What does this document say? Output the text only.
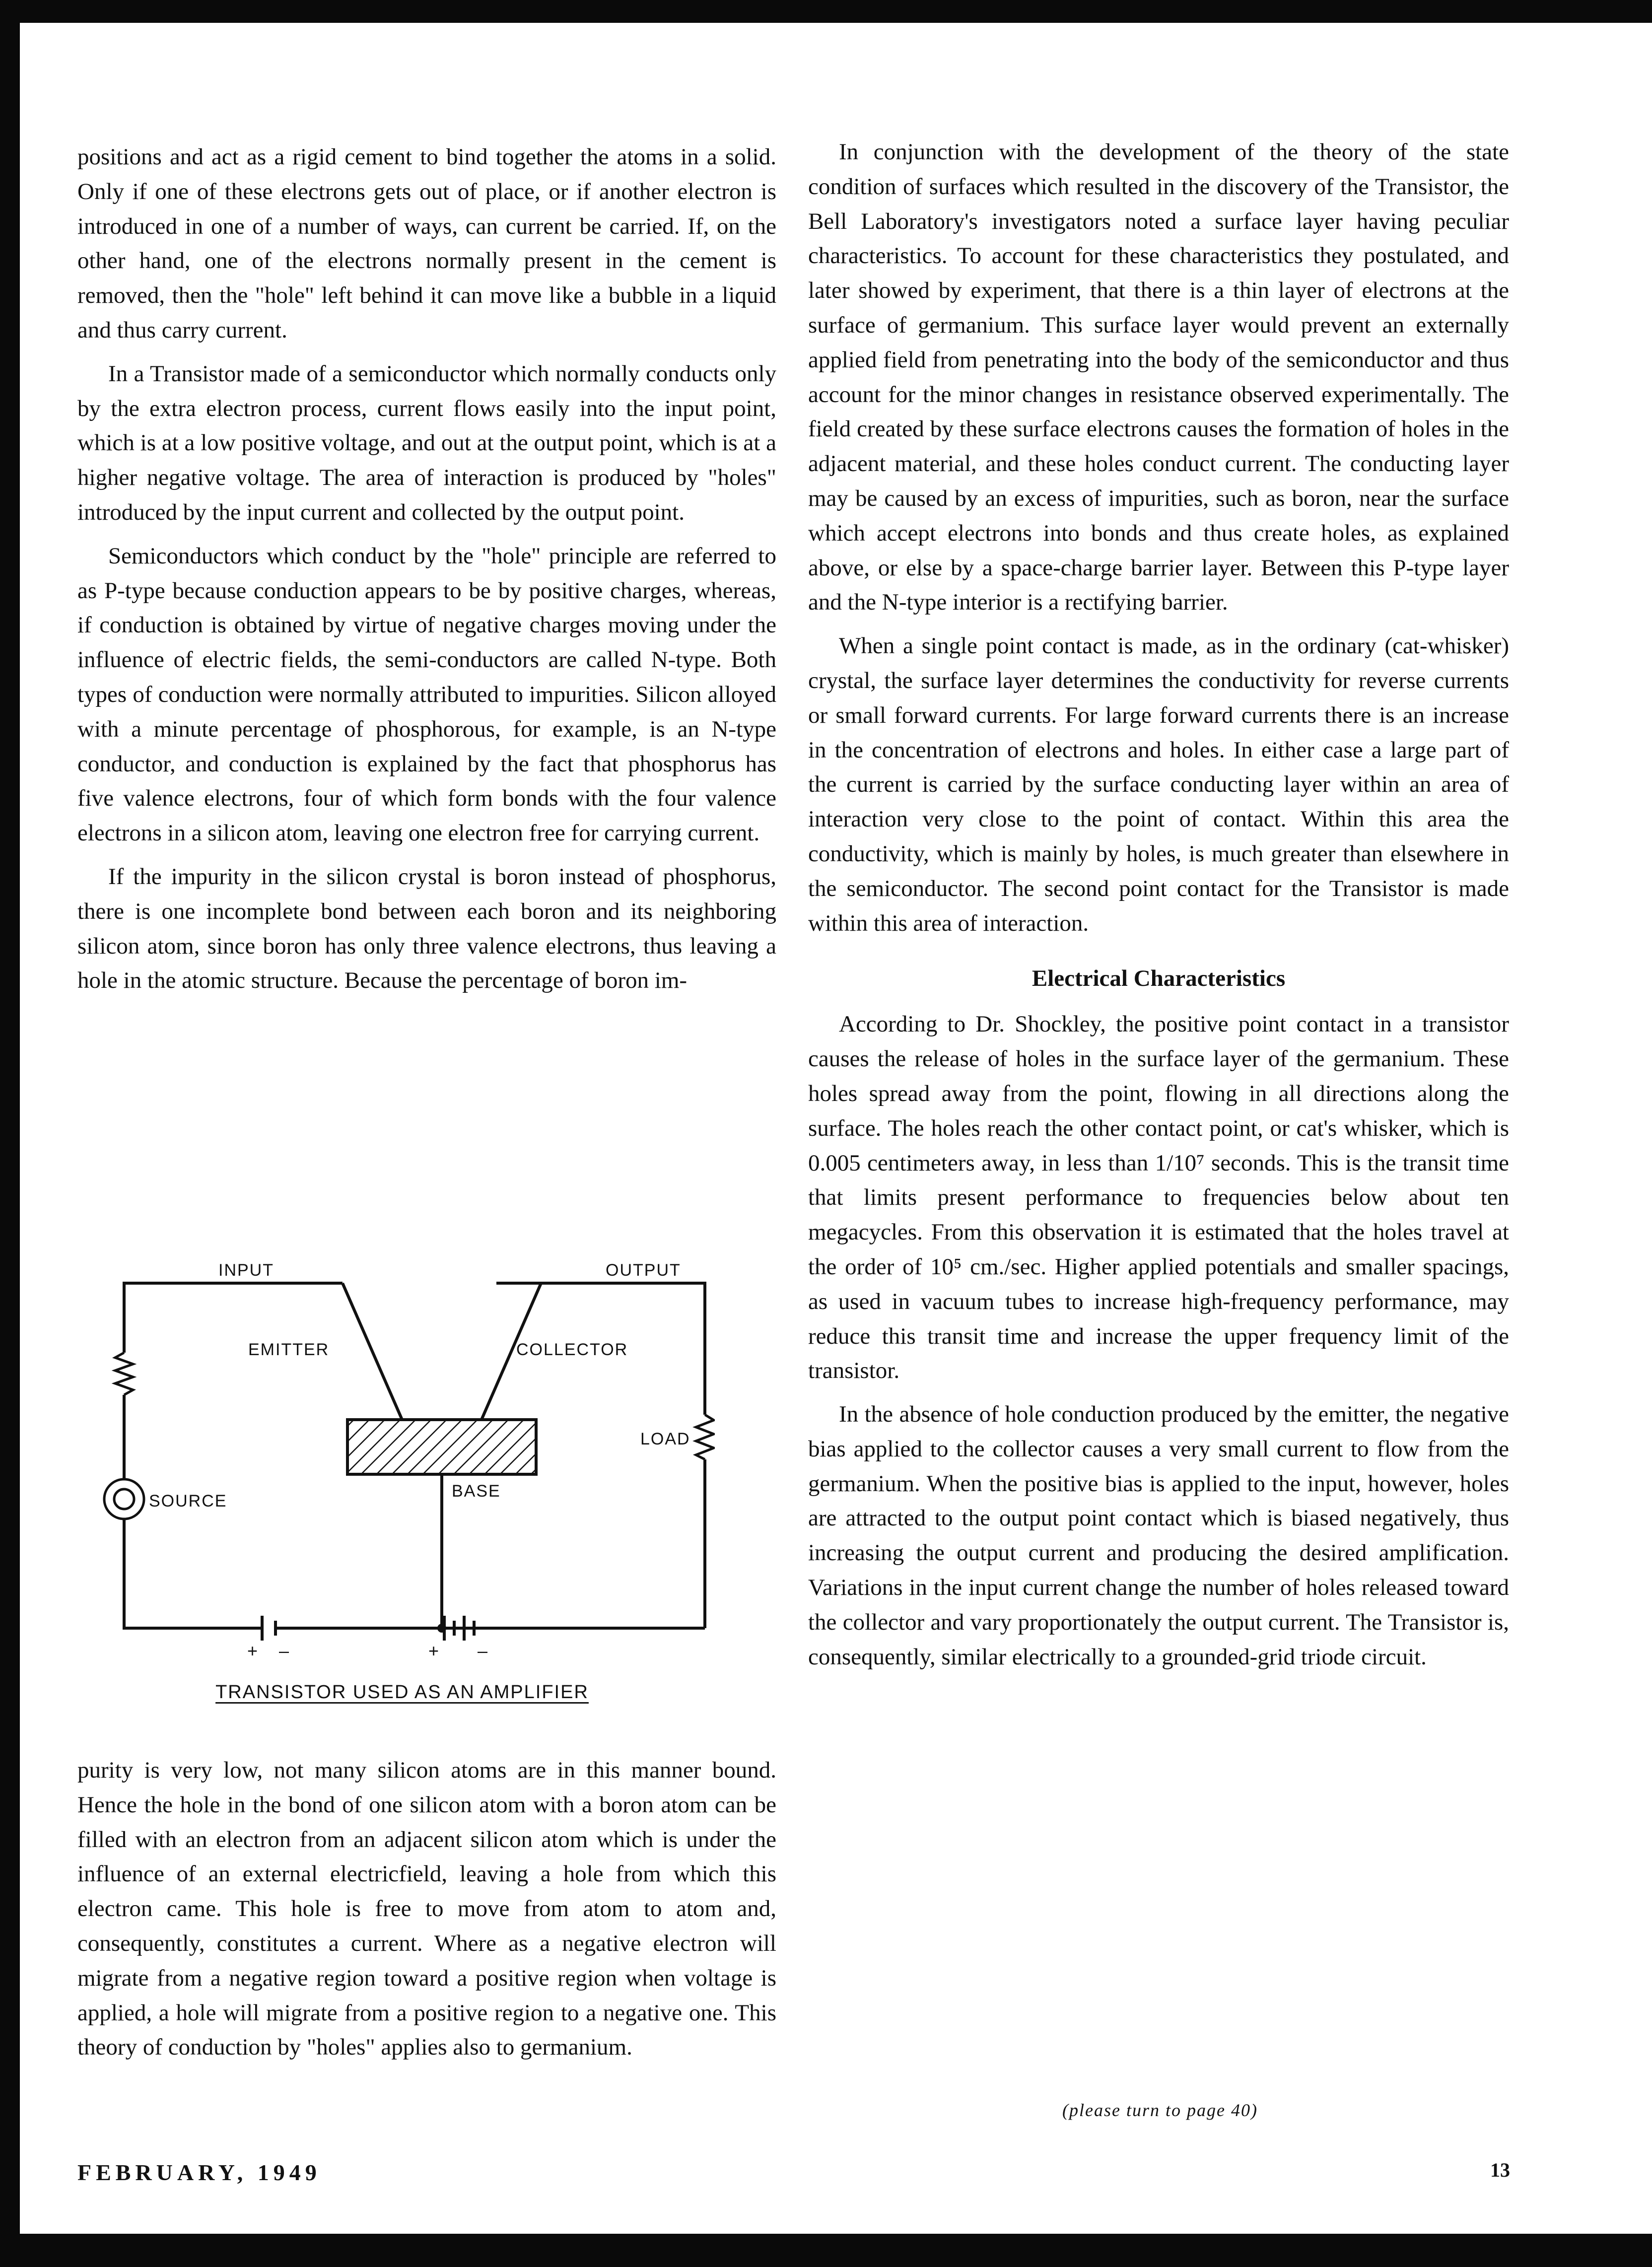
positions and act as a rigid cement to bind together the atoms in a solid. Only if one of these electrons gets out of place, or if another electron is introduced in one of a number of ways, can current be carried. If, on the other hand, one of the electrons normally present in the cement is removed, then the "hole" left behind it can move like a bubble in a liquid and thus carry current.

In a Transistor made of a semiconductor which normally conducts only by the extra electron process, current flows easily into the input point, which is at a low positive voltage, and out at the output point, which is at a higher negative voltage. The area of interaction is produced by "holes" introduced by the input current and collected by the output point.

Semiconductors which conduct by the "hole" principle are referred to as P-type because conduction appears to be by positive charges, whereas, if conduction is obtained by virtue of negative charges moving under the influence of electric fields, the semi-conductors are called N-type. Both types of conduction were normally attributed to impurities. Silicon alloyed with a minute percentage of phosphorous, for example, is an N-type conductor, and conduction is explained by the fact that phosphorus has five valence electrons, four of which form bonds with the four valence electrons in a silicon atom, leaving one electron free for carrying current.

If the impurity in the silicon crystal is boron instead of phosphorus, there is one incomplete bond between each boron and its neighboring silicon atom, since boron has only three valence electrons, thus leaving a hole in the atomic structure. Because the percentage of boron im-

INPUT	OUTPUT
EMITTER	COLLECTOR
LOAD
SOURCE
BASE
+ –	+ –
TRANSISTOR USED AS AN AMPLIFIER

purity is very low, not many silicon atoms are in this manner bound. Hence the hole in the bond of one silicon atom with a boron atom can be filled with an electron from an adjacent silicon atom which is under the influence of an external electricfield, leaving a hole from which this electron came. This hole is free to move from atom to atom and, consequently, constitutes a current. Where as a negative electron will migrate from a negative region toward a positive region when voltage is applied, a hole will migrate from a positive region to a negative one. This theory of conduction by "holes" applies also to germanium.

In conjunction with the development of the theory of the state condition of surfaces which resulted in the discovery of the Transistor, the Bell Laboratory's investigators noted a surface layer having peculiar characteristics. To account for these characteristics they postulated, and later showed by experiment, that there is a thin layer of electrons at the surface of germanium. This surface layer would prevent an externally applied field from penetrating into the body of the semiconductor and thus account for the minor changes in resistance observed experimentally. The field created by these surface electrons causes the formation of holes in the adjacent material, and these holes conduct current. The conducting layer may be caused by an excess of impurities, such as boron, near the surface which accept electrons into bonds and thus create holes, as explained above, or else by a space-charge barrier layer. Between this P-type layer and the N-type interior is a rectifying barrier.

When a single point contact is made, as in the ordinary (cat-whisker) crystal, the surface layer determines the conductivity for reverse currents or small forward currents. For large forward currents there is an increase in the concentration of electrons and holes. In either case a large part of the current is carried by the surface conducting layer within an area of interaction very close to the point of contact. Within this area the conductivity, which is mainly by holes, is much greater than elsewhere in the semiconductor. The second point contact for the Transistor is made within this area of interaction.

Electrical Characteristics

According to Dr. Shockley, the positive point contact in a transistor causes the release of holes in the surface layer of the germanium. These holes spread away from the point, flowing in all directions along the surface. The holes reach the other contact point, or cat's whisker, which is 0.005 centimeters away, in less than 1/10⁷ seconds. This is the transit time that limits present performance to frequencies below about ten megacycles. From this observation it is estimated that the holes travel at the order of 10⁵ cm./sec. Higher applied potentials and smaller spacings, as used in vacuum tubes to increase high-frequency performance, may reduce this transit time and increase the upper frequency limit of the transistor.

In the absence of hole conduction produced by the emitter, the negative bias applied to the collector causes a very small current to flow from the germanium. When the positive bias is applied to the input, however, holes are attracted to the output point contact which is biased negatively, thus increasing the output current and producing the desired amplification. Variations in the input current change the number of holes released toward the collector and vary proportionately the output current. The Transistor is, consequently, similar electrically to a grounded-grid triode circuit.

(please turn to page 40)
FEBRUARY, 1949	13
